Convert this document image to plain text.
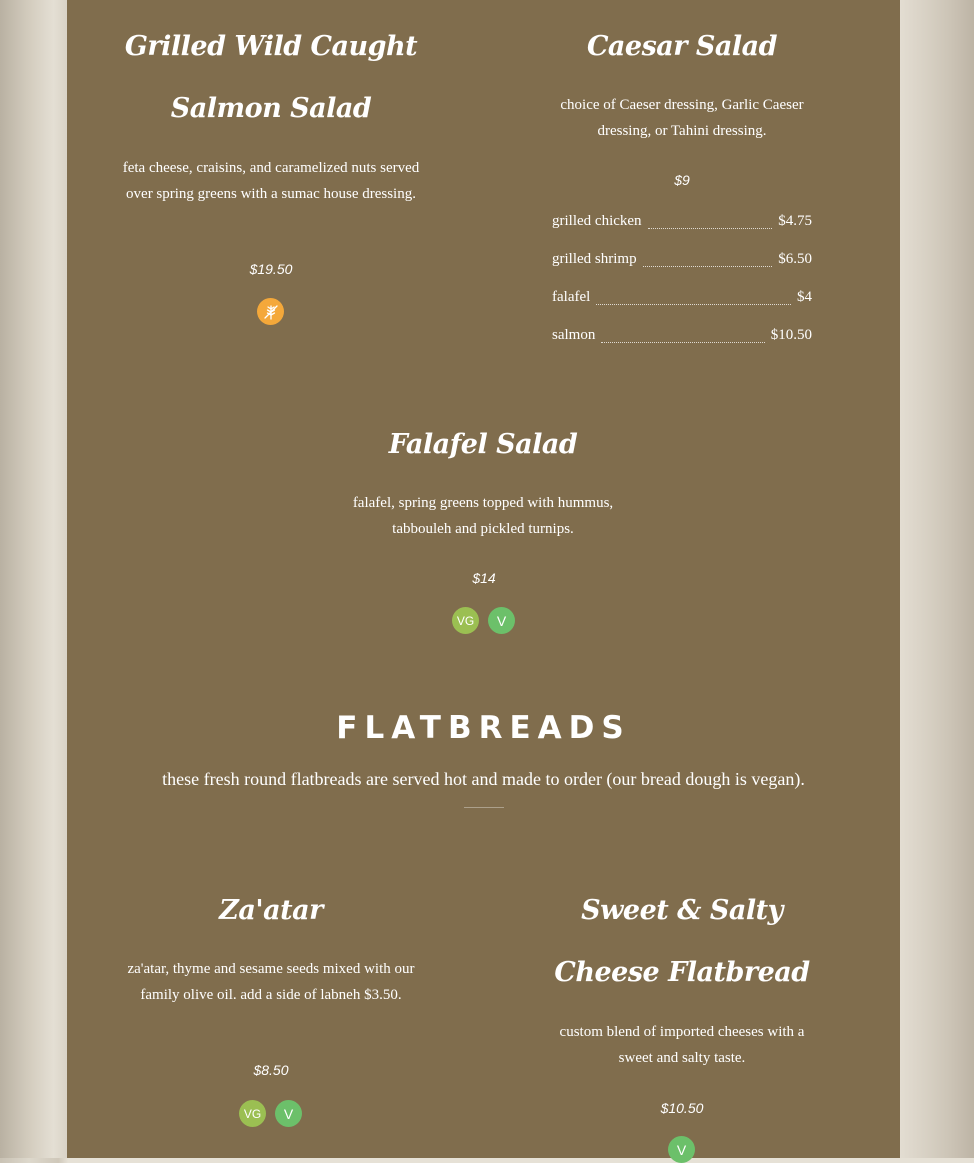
Grilled Wild Caught Salmon Salad
feta cheese, craisins, and caramelized nuts served over spring greens with a sumac house dressing.
$19.50
Caesar Salad
choice of Caeser dressing, Garlic Caeser dressing, or Tahini dressing.
$9
grilled chicken	$4.75
grilled shrimp	$6.50
falafel	$4
salmon	$10.50
Falafel Salad
falafel, spring greens topped with hummus, tabbouleh and pickled turnips.
$14
VG	V
FLATBREADS
these fresh round flatbreads are served hot and made to order (our bread dough is vegan).
Za'atar
za'atar, thyme and sesame seeds mixed with our family olive oil. add a side of labneh $3.50.
$8.50
VG	V
Sweet & Salty Cheese Flatbread
custom blend of imported cheeses with a sweet and salty taste.
$10.50
V
